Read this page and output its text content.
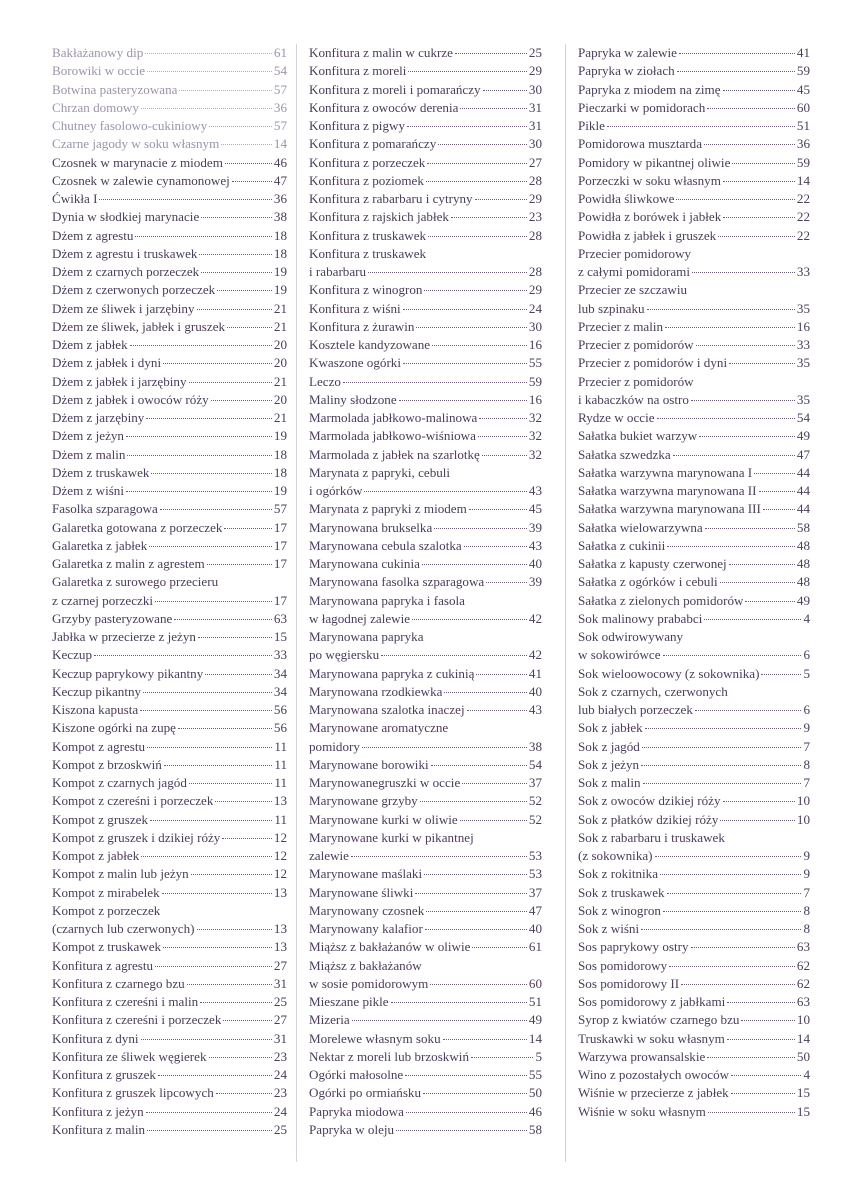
Bakłażanowy dip	61
Borowiki w occie	54
Botwina pasteryzowana	57
Chrzan domowy	36
Chutney fasolowo-cukiniowy	57
Czarne jagody w soku własnym	14
Czosnek w marynacie z miodem	46
Czosnek w zalewie cynamonowej	47
Ćwikła I	36
Dynia w słodkiej marynacie	38
Dżem z agrestu	18
Dżem z agrestu i truskawek	18
Dżem z czarnych porzeczek	19
Dżem z czerwonych porzeczek	19
Dżem ze śliwek i jarzębiny	21
Dżem ze śliwek, jabłek i gruszek	21
Dżem z jabłek	20
Dżem z jabłek i dyni	20
Dżem z jabłek i jarzębiny	21
Dżem z jabłek i owoców róży	20
Dżem z jarzębiny	21
Dżem z jeżyn	19
Dżem z malin	18
Dżem z truskawek	18
Dżem z wiśni	19
Fasolka szparagowa	57
Galaretka gotowana z porzeczek	17
Galaretka z jabłek	17
Galaretka z malin z agrestem	17
Galaretka z surowego przecieru
z czarnej porzeczki	17
Grzyby pasteryzowane	63
Jabłka w przecierze z jeżyn	15
Keczup	33
Keczup paprykowy pikantny	34
Keczup pikantny	34
Kiszona kapusta	56
Kiszone ogórki na zupę	56
Kompot z agrestu	11
Kompot z brzoskwiń	11
Kompot z czarnych jagód	11
Kompot z czereśni i porzeczek	13
Kompot z gruszek	11
Kompot z gruszek i dzikiej róży	12
Kompot z jabłek	12
Kompot z malin lub jeżyn	12
Kompot z mirabelek	13
Kompot z porzeczek
(czarnych lub czerwonych)	13
Kompot z truskawek	13
Konfitura z agrestu	27
Konfitura z czarnego bzu	31
Konfitura z czereśni i malin	25
Konfitura z czereśni i porzeczek	27
Konfitura z dyni	31
Konfitura ze śliwek węgierek	23
Konfitura z gruszek	24
Konfitura z gruszek lipcowych	23
Konfitura z jeżyn	24
Konfitura z malin	25
Konfitura z malin w cukrze	25
Konfitura z moreli	29
Konfitura z moreli i pomarańczy	30
Konfitura z owoców derenia	31
Konfitura z pigwy	31
Konfitura z pomarańczy	30
Konfitura z porzeczek	27
Konfitura z poziomek	28
Konfitura z rabarbaru i cytryny	29
Konfitura z rajskich jabłek	23
Konfitura z truskawek	28
Konfitura z truskawek
i rabarbaru	28
Konfitura z winogron	29
Konfitura z wiśni	24
Konfitura z żurawin	30
Kosztele kandyzowane	16
Kwaszone ogórki	55
Leczo	59
Maliny słodzone	16
Marmolada jabłkowo-malinowa	32
Marmolada jabłkowo-wiśniowa	32
Marmolada z jabłek na szarlotkę	32
Marynata z papryki, cebuli
i ogórków	43
Marynata z papryki z miodem	45
Marynowana brukselka	39
Marynowana cebula szalotka	43
Marynowana cukinia	40
Marynowana fasolka szparagowa	39
Marynowana papryka i fasola
w łagodnej zalewie	42
Marynowana papryka
po węgiersku	42
Marynowana papryka z cukinią	41
Marynowana rzodkiewka	40
Marynowana szalotka inaczej	43
Marynowane aromatyczne
pomidory	38
Marynowane borowiki	54
Marynowanegruszki w occie	37
Marynowane grzyby	52
Marynowane kurki w oliwie	52
Marynowane kurki w pikantnej
zalewie	53
Marynowane maślaki	53
Marynowane śliwki	37
Marynowany czosnek	47
Marynowany kalafior	40
Miąższ z bakłażanów w oliwie	61
Miąższ z bakłażanów
w sosie pomidorowym	60
Mieszane pikle	51
Mizeria	49
Morelewe własnym soku	14
Nektar z moreli lub brzoskwiń	5
Ogórki małosolne	55
Ogórki po ormiańsku	50
Papryka miodowa	46
Papryka w oleju	58
Papryka w zalewie	41
Papryka w ziołach	59
Papryka z miodem na zimę	45
Pieczarki w pomidorach	60
Pikle	51
Pomidorowa musztarda	36
Pomidory w pikantnej oliwie	59
Porzeczki w soku własnym	14
Powidła śliwkowe	22
Powidła z borówek i jabłek	22
Powidła z jabłek i gruszek	22
Przecier pomidorowy
z całymi pomidorami	33
Przecier ze szczawiu
lub szpinaku	35
Przecier z malin	16
Przecier z pomidorów	33
Przecier z pomidorów i dyni	35
Przecier z pomidorów
i kabaczków na ostro	35
Rydze w occie	54
Sałatka bukiet warzyw	49
Sałatka szwedzka	47
Sałatka warzywna marynowana I	44
Sałatka warzywna marynowana II	44
Sałatka warzywna marynowana III	44
Sałatka wielowarzywna	58
Sałatka z cukinii	48
Sałatka z kapusty czerwonej	48
Sałatka z ogórków i cebuli	48
Sałatka z zielonych pomidorów	49
Sok malinowy prababci	4
Sok odwirowywany
w sokowirówce	6
Sok wieloowocowy (z sokownika)	5
Sok z czarnych, czerwonych
lub białych porzeczek	6
Sok z jabłek	9
Sok z jagód	7
Sok z jeżyn	8
Sok z malin	7
Sok z owoców dzikiej róży	10
Sok z płatków dzikiej róży	10
Sok z rabarbaru i truskawek
(z sokownika)	9
Sok z rokitnika	9
Sok z truskawek	7
Sok z winogron	8
Sok z wiśni	8
Sos paprykowy ostry	63
Sos pomidorowy	62
Sos pomidorowy II	62
Sos pomidorowy z jabłkami	63
Syrop z kwiatów czarnego bzu	10
Truskawki w soku własnym	14
Warzywa prowansalskie	50
Wino z pozostałych owoców	4
Wiśnie w przecierze z jabłek	15
Wiśnie w soku własnym	15
